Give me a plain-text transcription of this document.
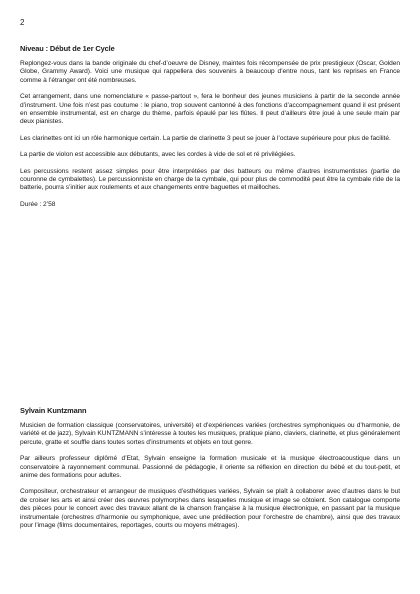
2
Niveau : Début de 1er Cycle

Replongez-vous dans la bande originale du chef-d’oeuvre de Disney, maintes fois récompensée de prix prestigieux (Oscar, Golden Globe, Grammy Award). Voici une musique qui rappellera des souvenirs à beaucoup d’entre nous, tant les reprises en France comme à l’étranger ont été nombreuses.

Cet arrangement, dans une nomenclature « passe-partout », fera le bonheur des jeunes musiciens à partir de la seconde année d’instrument. Une fois n’est pas coutume : le piano, trop souvent cantonné à des fonctions d’accompagnement quand il est présent en ensemble instrumental, est en charge du thème, parfois épaulé par les flûtes. Il peut d’ailleurs être joué à une seule main par deux pianistes.

Les clarinettes ont ici un rôle harmonique certain. La partie de clarinette 3 peut se jouer à l’octave supérieure pour plus de facilité.

La partie de violon est accessible aux débutants, avec les cordes à vide de sol et ré privilégiées.

Les percussions restent assez simples pour être interprétées par des batteurs ou même d’autres instrumentistes (partie de couronne de cymbalettes). Le percussionniste en charge de la cymbale, qui pour plus de commodité peut être la cymbale ride de la batterie, pourra s’initier aux roulements et aux changements entre baguettes et mailloches.

Durée : 2’58

Sylvain Kuntzmann

Musicien de formation classique (conservatoires, université) et d’expériences variées (orchestres symphoniques ou d’harmonie, de variété et de jazz), Sylvain KUNTZMANN s’intéresse à toutes les musiques, pratique piano, claviers, clarinette, et plus généralement percute, gratte et souffle dans toutes sortes d’instruments et objets en tout genre.

Par ailleurs professeur diplômé d’Etat, Sylvain enseigne la formation musicale et la musique électroacoustique dans un conservatoire à rayonnement communal. Passionné de pédagogie, il oriente sa réflexion en direction du bébé et du tout-petit, et anime des formations pour adultes.

Compositeur, orchestrateur et arrangeur de musiques d’esthétiques variées, Sylvain se plaît à collaborer avec d’autres dans le but de croiser les arts et ainsi créer des œuvres polymorphes dans lesquelles musique et image se côtoient. Son catalogue comporte des pièces pour le concert avec des travaux allant de la chanson française à la musique électronique, en passant par la musique instrumentale (orchestres d’harmonie ou symphonique, avec une prédilection pour l’orchestre de chambre), ainsi que des travaux pour l’image (films documentaires, reportages, courts ou moyens métrages).
